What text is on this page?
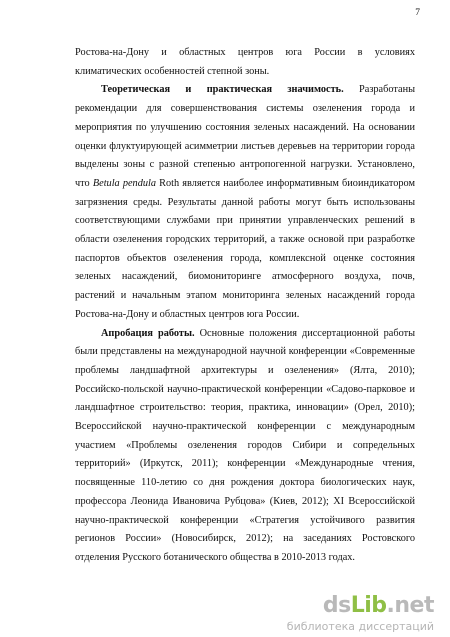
7

Ростова-на-Дону и областных центров юга России в условиях климатических особенностей степной зоны.

Теоретическая и практическая значимость. Разработаны рекомендации для совершенствования системы озеленения города и мероприятия по улучшению состояния зеленых насаждений. На основании оценки флуктуирующей асимметрии листьев деревьев на территории города выделены зоны с разной степенью антропогенной нагрузки. Установлено, что Betula pendula Roth является наиболее информативным биоиндикатором загрязнения среды. Результаты данной работы могут быть использованы соответствующими службами при принятии управленческих решений в области озеленения городских территорий, а также основой при разработке паспортов объектов озеленения города, комплексной оценке состояния зеленых насаждений, биомониторинге атмосферного воздуха, почв, растений и начальным этапом мониторинга зеленых насаждений города Ростова-на-Дону и областных центров юга России.

Апробация работы. Основные положения диссертационной работы были представлены на международной научной конференции «Современные проблемы ландшафтной архитектуры и озеленения» (Ялта, 2010); Российско-польской научно-практической конференции «Садово-парковое и ландшафтное строительство: теория, практика, инновации» (Орел, 2010); Всероссийской научно-практической конференции с международным участием «Проблемы озеленения городов Сибири и сопредельных территорий» (Иркутск, 2011); конференции «Международные чтения, посвященные 110-летию со дня рождения доктора биологических наук, профессора Леонида Ивановича Рубцова» (Киев, 2012); XI Всероссийской научно-практической конференции «Стратегия устойчивого развития регионов России» (Новосибирск, 2012); на заседаниях Ростовского отделения Русского ботанического общества в 2010-2013 годах.

dsLib.net
библиотека диссертаций
